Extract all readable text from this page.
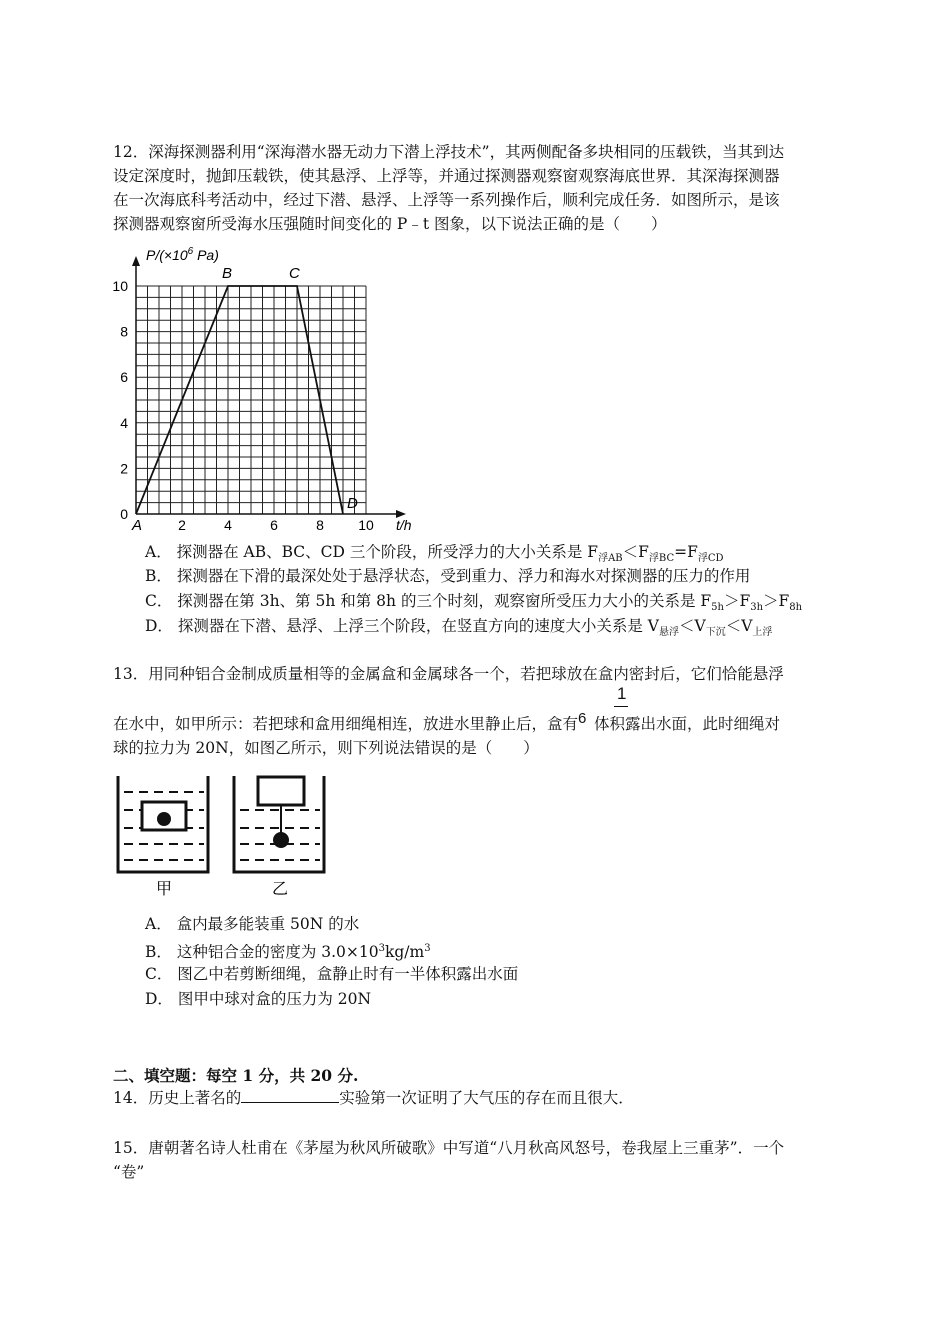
12．深海探测器利用“深海潜水器无动力下潜上浮技术”，其两侧配备多块相同的压载铁，当其到达
设定深度时，抛卸压载铁，使其悬浮、上浮等，并通过探测器观察窗观察海底世界．其深海探测器
在一次海底科考活动中，经过下潜、悬浮、上浮等一系列操作后，顺利完成任务．如图所示，是该
探测器观察窗所受海水压强随时间变化的 P﹣t 图象，以下说法正确的是（　　）
2	4	6	8 10
0
2
4
6
8
10
A
B	C
D
$P/(\times 10^6$ Pa)
t/h
A． 探测器在 AB、BC、CD 三个阶段，所受浮力的大小关系是 $F_{浮AB}<F_{浮BC}=F_{浮CD}$
B． 探测器在下滑的最深处处于悬浮状态，受到重力、浮力和海水对探测器的压力的作用
C． 探测器在第 3h、第 5h 和第 8h 的三个时刻，观察窗所受压力大小的关系是 $F_{5h}>F_{3h}>F_{8h}$
D． 探测器在下潜、悬浮、上浮三个阶段，在竖直方向的速度大小关系是 $V_{悬浮}<V_{下沉}<V_{上浮}$
13．用同种铝合金制成质量相等的金属盒和金属球各一个，若把球放在盒内密封后，它们恰能悬浮
1
在水中，如甲所示：若把球和盒用细绳相连，放进水里静止后，盒有6 体积露出水面，此时细绳对
球的拉力为 20N，如图乙所示，则下列说法错误的是（　　）
甲	乙
A． 盒内最多能装重 50N 的水
B． 这种铝合金的密度为 $3.0\times 10^3kg/m^3$
C． 图乙中若剪断细绳，盒静止时有一半体积露出水面
D． 图甲中球对盒的压力为 20N
二、填空题：每空 1 分，共 20 分.
14．历史上著名的	实验第一次证明了大气压的存在而且很大．
15．唐朝著名诗人杜甫在《茅屋为秋风所破歌》中写道“八月秋高风怒号，卷我屋上三重茅”．一个
“卷”
